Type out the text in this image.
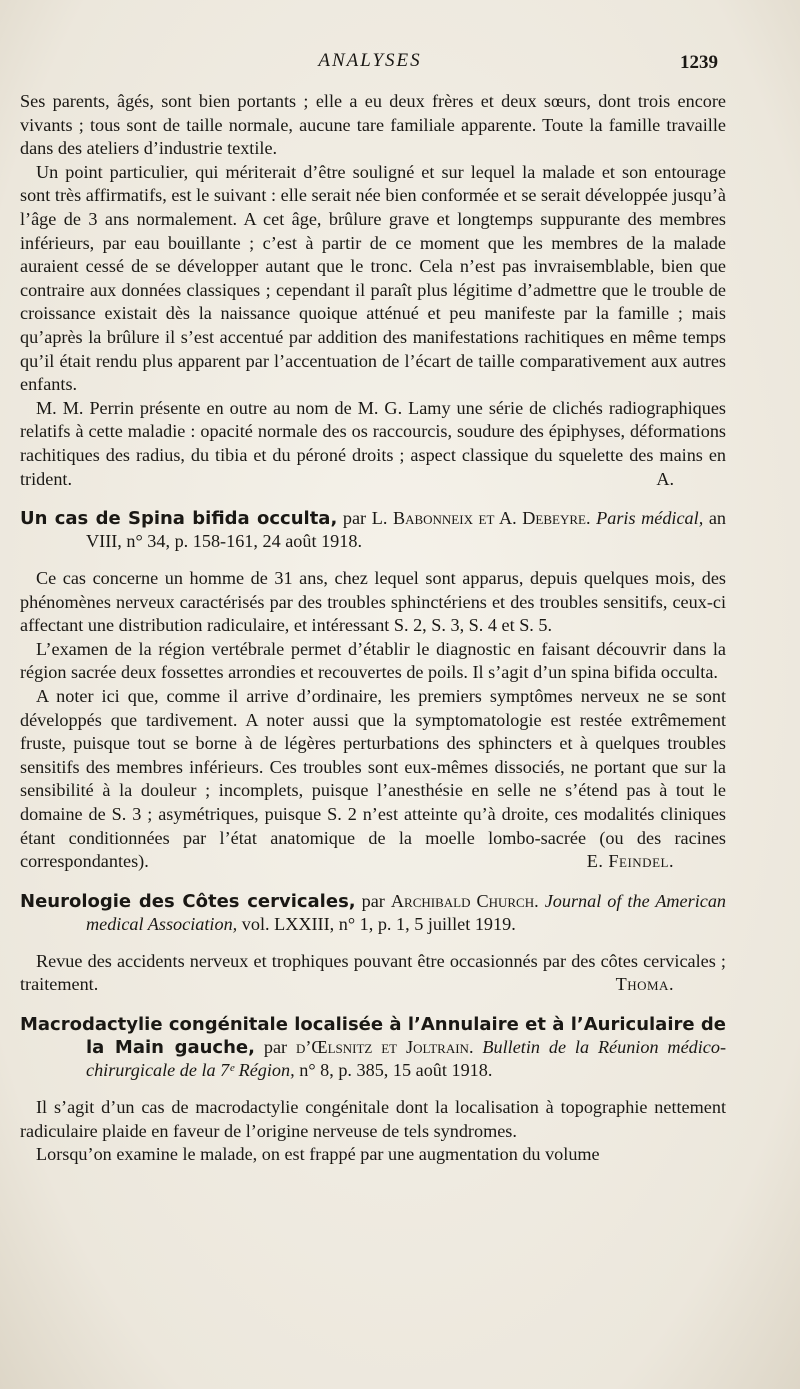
ANALYSES	1239

Ses parents, âgés, sont bien portants ; elle a eu deux frères et deux sœurs, dont trois encore vivants ; tous sont de taille normale, aucune tare familiale apparente. Toute la famille travaille dans des ateliers d’industrie textile.

Un point particulier, qui mériterait d’être souligné et sur lequel la malade et son entourage sont très affirmatifs, est le suivant : elle serait née bien conformée et se serait développée jusqu’à l’âge de 3 ans normalement. A cet âge, brûlure grave et longtemps suppurante des membres inférieurs, par eau bouillante ; c’est à partir de ce moment que les membres de la malade auraient cessé de se développer autant que le tronc. Cela n’est pas invraisemblable, bien que contraire aux données classiques ; cependant il paraît plus légitime d’admettre que le trouble de croissance existait dès la naissance quoique atténué et peu manifeste par la famille ; mais qu’après la brûlure il s’est accentué par addition des manifestations rachitiques en même temps qu’il était rendu plus apparent par l’accentuation de l’écart de taille comparativement aux autres enfants.

M. M. Perrin présente en outre au nom de M. G. Lamy une série de clichés radiographiques relatifs à cette maladie : opacité normale des os raccourcis, soudure des épiphyses, déformations rachitiques des radius, du tibia et du péroné droits ; aspect classique du squelette des mains en trident.	A.

Un cas de Spina bifida occulta, par L. Babonneix et A. Debeyre. Paris médical, an VIII, n° 34, p. 158-161, 24 août 1918.

Ce cas concerne un homme de 31 ans, chez lequel sont apparus, depuis quelques mois, des phénomènes nerveux caractérisés par des troubles sphinctériens et des troubles sensitifs, ceux-ci affectant une distribution radiculaire, et intéressant S. 2, S. 3, S. 4 et S. 5.

L’examen de la région vertébrale permet d’établir le diagnostic en faisant découvrir dans la région sacrée deux fossettes arrondies et recouvertes de poils. Il s’agit d’un spina bifida occulta.

A noter ici que, comme il arrive d’ordinaire, les premiers symptômes nerveux ne se sont développés que tardivement. A noter aussi que la symptomatologie est restée extrêmement fruste, puisque tout se borne à de légères perturbations des sphincters et à quelques troubles sensitifs des membres inférieurs. Ces troubles sont eux-mêmes dissociés, ne portant que sur la sensibilité à la douleur ; incomplets, puisque l’anesthésie en selle ne s’étend pas à tout le domaine de S. 3 ; asymétriques, puisque S. 2 n’est atteinte qu’à droite, ces modalités cliniques étant conditionnées par l’état anatomique de la moelle lombo-sacrée (ou des racines correspondantes).	E. Feindel.

Neurologie des Côtes cervicales, par Archibald Church. Journal of the American medical Association, vol. LXXIII, n° 1, p. 1, 5 juillet 1919.

Revue des accidents nerveux et trophiques pouvant être occasionnés par des côtes cervicales ; traitement.	Thoma.

Macrodactylie congénitale localisée à l’Annulaire et à l’Auriculaire de la Main gauche, par d’Œlsnitz et Joltrain. Bulletin de la Réunion médico-chirurgicale de la 7ᵉ Région, n° 8, p. 385, 15 août 1918.

Il s’agit d’un cas de macrodactylie congénitale dont la localisation à topographie nettement radiculaire plaide en faveur de l’origine nerveuse de tels syndromes.

Lorsqu’on examine le malade, on est frappé par une augmentation du volume
